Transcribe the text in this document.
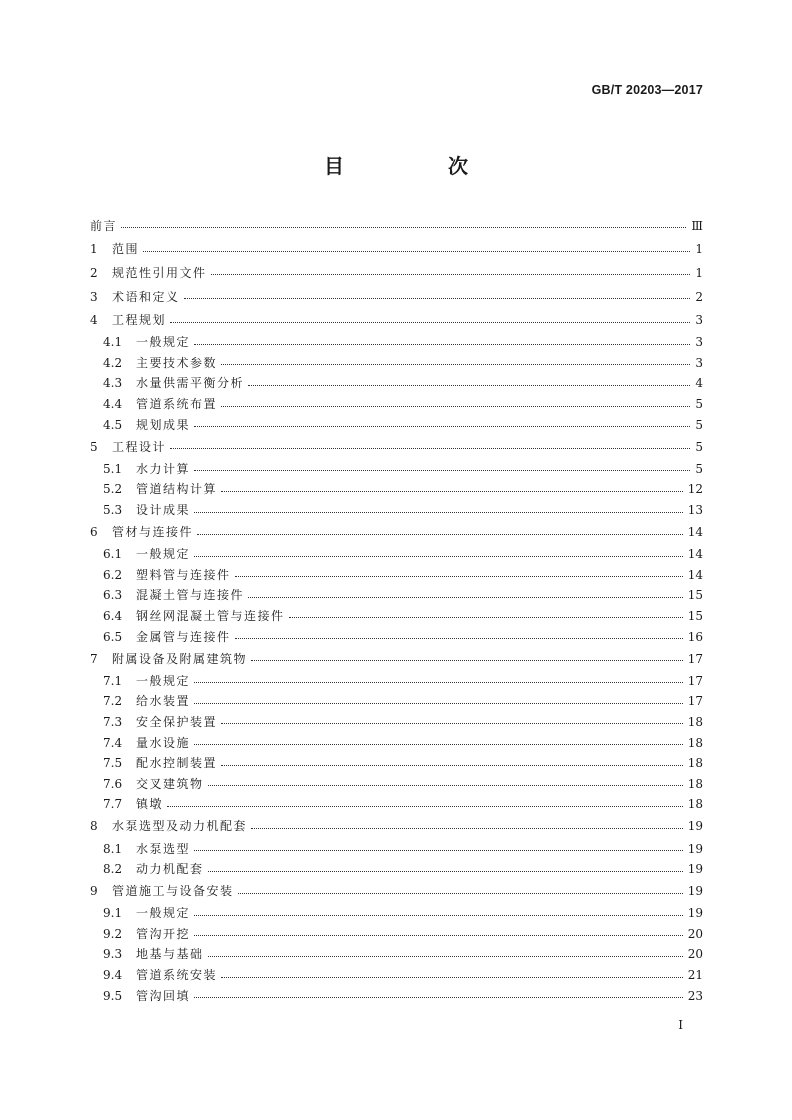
GB/T 20203—2017
目　次
前言	Ⅲ
1	范围	1
2	规范性引用文件	1
3	术语和定义	2
4	工程规划	3
4.1	一般规定	3
4.2	主要技术参数	3
4.3	水量供需平衡分析	4
4.4	管道系统布置	5
4.5	规划成果	5
5	工程设计	5
5.1	水力计算	5
5.2	管道结构计算	12
5.3	设计成果	13
6	管材与连接件	14
6.1	一般规定	14
6.2	塑料管与连接件	14
6.3	混凝土管与连接件	15
6.4	钢丝网混凝土管与连接件	15
6.5	金属管与连接件	16
7	附属设备及附属建筑物	17
7.1	一般规定	17
7.2	给水装置	17
7.3	安全保护装置	18
7.4	量水设施	18
7.5	配水控制装置	18
7.6	交叉建筑物	18
7.7	镇墩	18
8	水泵选型及动力机配套	19
8.1	水泵选型	19
8.2	动力机配套	19
9	管道施工与设备安装	19
9.1	一般规定	19
9.2	管沟开挖	20
9.3	地基与基础	20
9.4	管道系统安装	21
9.5	管沟回填	23
I
